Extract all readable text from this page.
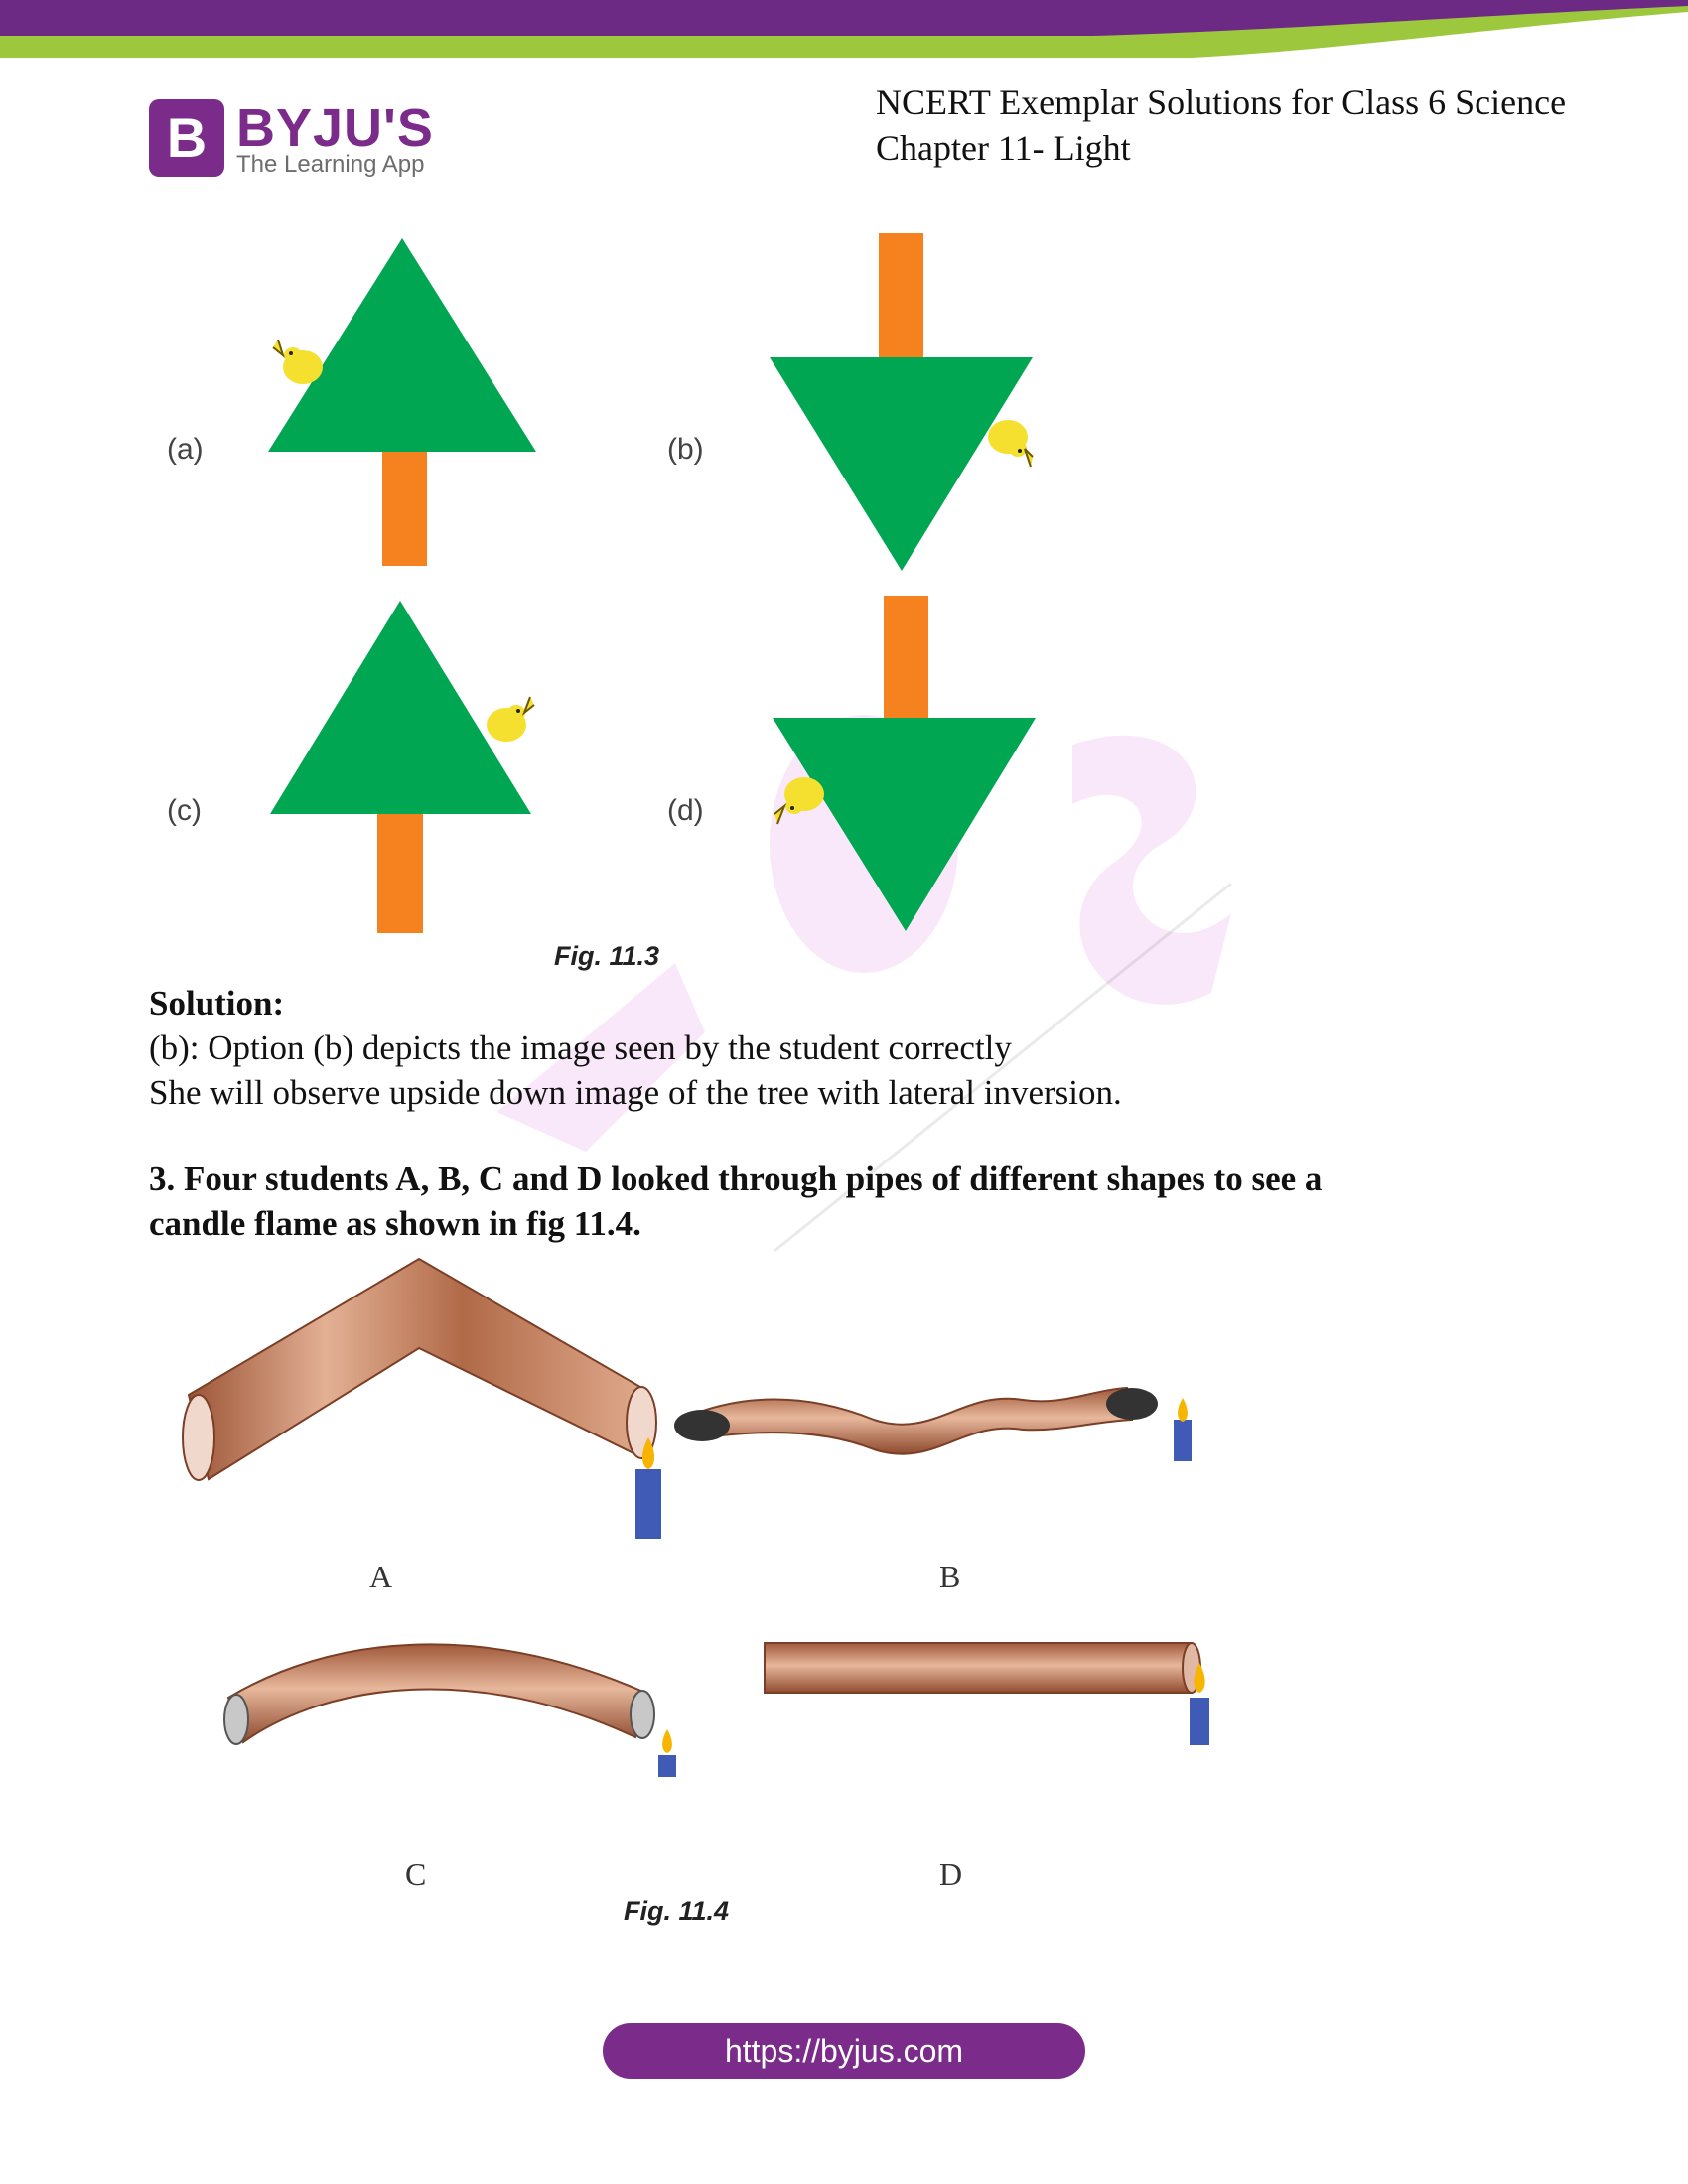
B BYJU'S
The Learning App
NCERT Exemplar Solutions for Class 6 Science
Chapter 11- Light
(a)	(b)
(c)	(d)
Fig. 11.3
Solution:
(b): Option (b) depicts the image seen by the student correctly
She will observe upside down image of the tree with lateral inversion.
3. Four students A, B, C and D looked through pipes of different shapes to see a
candle flame as shown in fig 11.4.
A	B
C	D
Fig. 11.4
https://byjus.com
